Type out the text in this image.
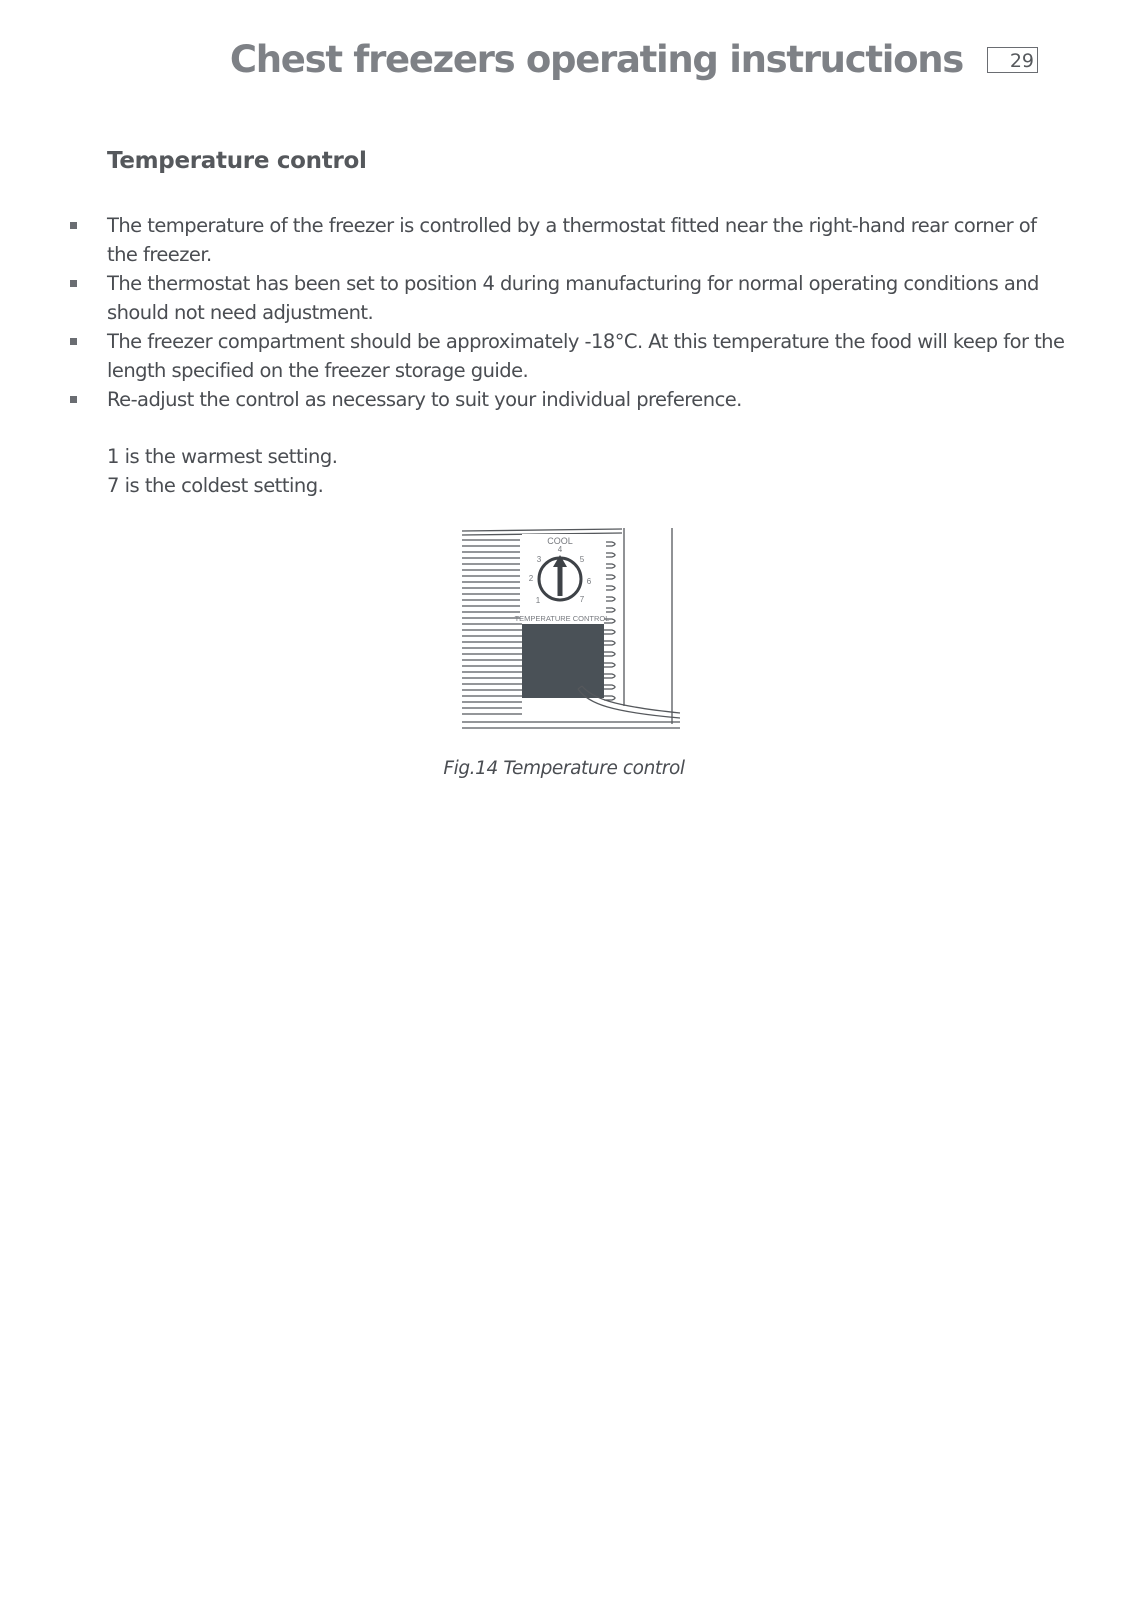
Chest freezers operating instructions	29
Temperature control
The temperature of the freezer is controlled by a thermostat fitted near the right-hand rear corner of the freezer.
The thermostat has been set to position 4 during manufacturing for normal operating conditions and should not need adjustment.
The freezer compartment should be approximately -18°C. At this temperature the food will keep for the length specified on the freezer storage guide.
Re-adjust the control as necessary to suit your individual preference.
1 is the warmest setting.
7 is the coldest setting.
COOL
4
3	5
2	6
1	7
TEMPERATURE CONTROL
Fig.14 Temperature control
